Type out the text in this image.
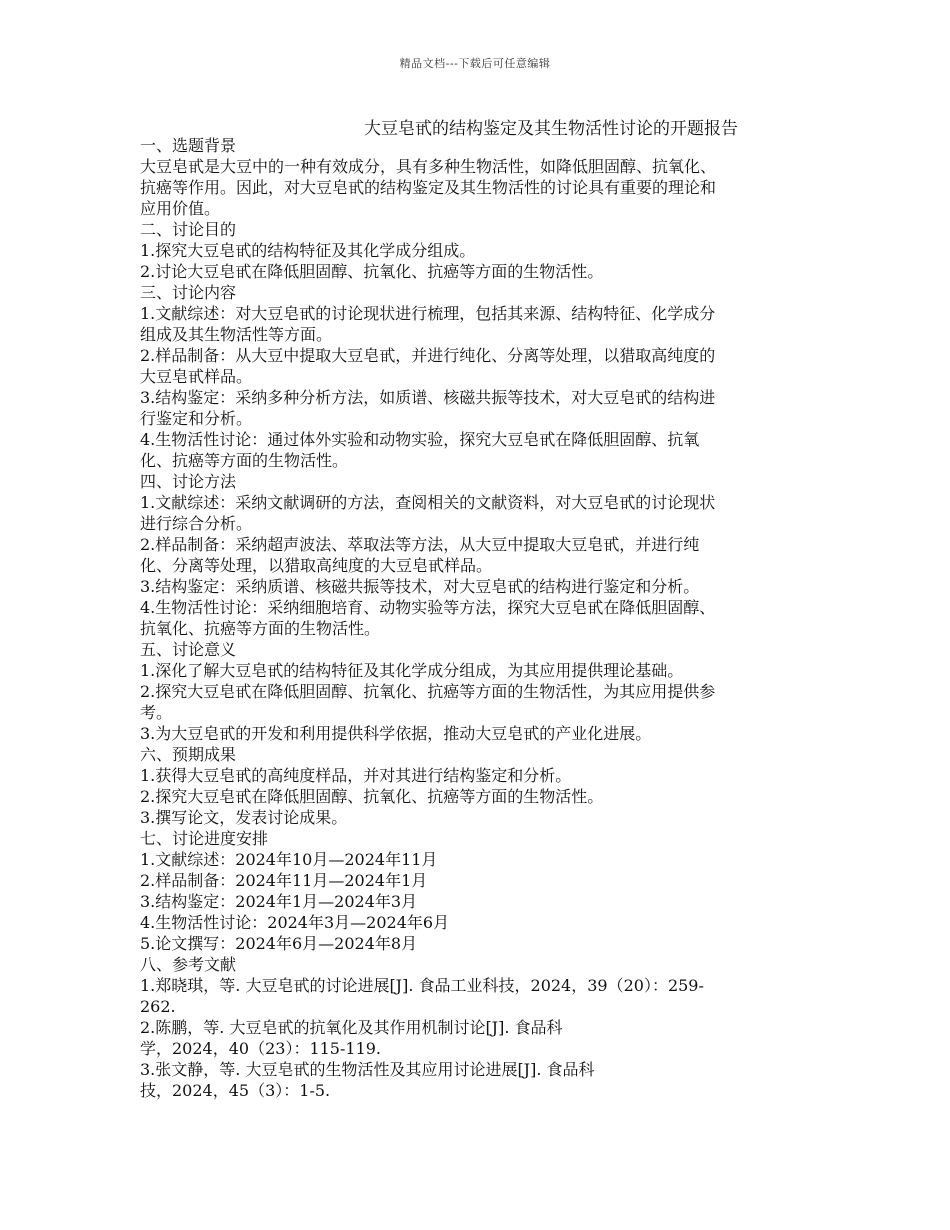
精品文档---下载后可任意编辑
大豆皂甙的结构鉴定及其生物活性讨论的开题报告
一、选题背景
大豆皂甙是大豆中的一种有效成分，具有多种生物活性，如降低胆固醇、抗氧化、
抗癌等作用。因此，对大豆皂甙的结构鉴定及其生物活性的讨论具有重要的理论和
应用价值。
二、讨论目的
1.探究大豆皂甙的结构特征及其化学成分组成。
2.讨论大豆皂甙在降低胆固醇、抗氧化、抗癌等方面的生物活性。
三、讨论内容
1.文献综述：对大豆皂甙的讨论现状进行梳理，包括其来源、结构特征、化学成分
组成及其生物活性等方面。
2.样品制备：从大豆中提取大豆皂甙，并进行纯化、分离等处理，以猎取高纯度的
大豆皂甙样品。
3.结构鉴定：采纳多种分析方法，如质谱、核磁共振等技术，对大豆皂甙的结构进
行鉴定和分析。
4.生物活性讨论：通过体外实验和动物实验，探究大豆皂甙在降低胆固醇、抗氧
化、抗癌等方面的生物活性。
四、讨论方法
1.文献综述：采纳文献调研的方法，查阅相关的文献资料，对大豆皂甙的讨论现状
进行综合分析。
2.样品制备：采纳超声波法、萃取法等方法，从大豆中提取大豆皂甙，并进行纯
化、分离等处理，以猎取高纯度的大豆皂甙样品。
3.结构鉴定：采纳质谱、核磁共振等技术，对大豆皂甙的结构进行鉴定和分析。
4.生物活性讨论：采纳细胞培育、动物实验等方法，探究大豆皂甙在降低胆固醇、
抗氧化、抗癌等方面的生物活性。
五、讨论意义
1.深化了解大豆皂甙的结构特征及其化学成分组成，为其应用提供理论基础。
2.探究大豆皂甙在降低胆固醇、抗氧化、抗癌等方面的生物活性，为其应用提供参
考。
3.为大豆皂甙的开发和利用提供科学依据，推动大豆皂甙的产业化进展。
六、预期成果
1.获得大豆皂甙的高纯度样品，并对其进行结构鉴定和分析。
2.探究大豆皂甙在降低胆固醇、抗氧化、抗癌等方面的生物活性。
3.撰写论文，发表讨论成果。
七、讨论进度安排
1.文献综述：2024年10月—2024年11月
2.样品制备：2024年11月—2024年1月
3.结构鉴定：2024年1月—2024年3月
4.生物活性讨论：2024年3月—2024年6月
5.论文撰写：2024年6月—2024年8月
八、参考文献
1.郑晓琪，等. 大豆皂甙的讨论进展[J]. 食品工业科技，2024，39（20）：259-
262.
2.陈鹏，等. 大豆皂甙的抗氧化及其作用机制讨论[J]. 食品科
学，2024，40（23）：115-119.
3.张文静，等. 大豆皂甙的生物活性及其应用讨论进展[J]. 食品科
技，2024，45（3）：1-5.
